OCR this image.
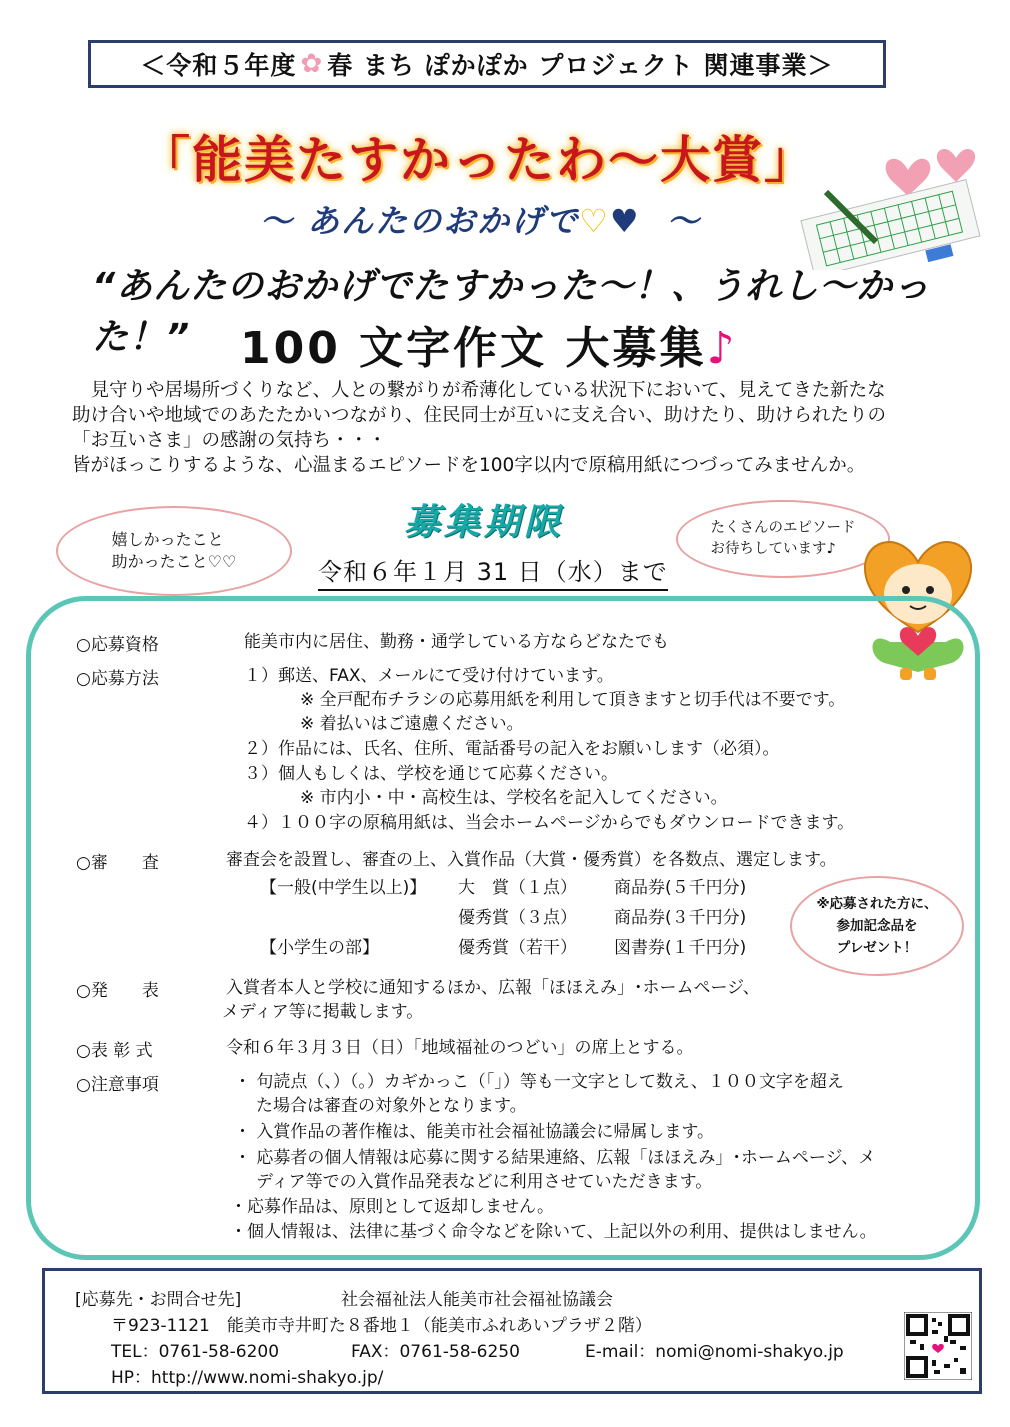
＜令和５年度 ✿ 春 まち ぽかぽか プロジェクト 関連事業＞
「能美たすかったわ～大賞」
～ あんたのおかげで♡♥ ～
“あんたのおかげでたすかった～！、うれし～かった！”	100 文字作文 大募集♪

　見守りや居場所づくりなど、人との繋がりが希薄化している状況下において、見えてきた新たな

助け合いや地域でのあたたかいつながり、住民同士が互いに支え合い、助けたり、助けられたりの

「お互いさま」の感謝の気持ち・・・

皆がほっこりするような、心温まるエピソードを100字以内で原稿用紙につづってみませんか。

嬉しかったこと
助かったこと♡♡
たくさんのエピソード
お待ちしています♪
募集期限
令和６年１月 31 日（水）まで
○応募資格	能美市内に居住、勤務・通学している方ならどなたでも
○応募方法	１）郵送、FAX、メールにて受け付けています。
※ 全戸配布チラシの応募用紙を利用して頂きますと切手代は不要です。
※ 着払いはご遠慮ください。
２）作品には、氏名、住所、電話番号の記入をお願いします（必須）。
３）個人もしくは、学校を通じて応募ください。
※ 市内小・中・高校生は、学校名を記入してください。
４）１００字の原稿用紙は、当会ホームページからでもダウンロードできます。
○審　　査	審査会を設置し、審査の上、入賞作品（大賞・優秀賞）を各数点、選定します。
【一般(中学生以上)】 大　賞（１点） 商品券(５千円分)
優秀賞（３点） 商品券(３千円分)
【小学生の部】	優秀賞（若干） 図書券(１千円分)
※応募された方に、
参加記念品を
プレゼント！
○発　　表	入賞者本人と学校に通知するほか、広報「ほほえみ」･ホームページ、
メディア等に掲載します。
○表 彰 式	令和６年３月３日（日）「地域福祉のつどい」の席上とする。
○注意事項	・ 句読点（、）（。）カギかっこ（「」）等も一文字として数え、１００文字を超え
た場合は審査の対象外となります。
・ 入賞作品の著作権は、能美市社会福祉協議会に帰属します。
・ 応募者の個人情報は応募に関する結果連絡、広報「ほほえみ」･ホームページ、メ
ディア等での入賞作品発表などに利用させていただきます。
・応募作品は、原則として返却しません。
・個人情報は、法律に基づく命令などを除いて、上記以外の利用、提供はしません。
[応募先・お問合せ先]	社会福祉法人能美市社会福祉協議会
〒923-1121　能美市寺井町た８番地１（能美市ふれあいプラザ２階）
TEL：0761-58-6200	FAX：0761-58-6250	E-mail：nomi@nomi-shakyo.jp
HP：http://www.nomi-shakyo.jp/
